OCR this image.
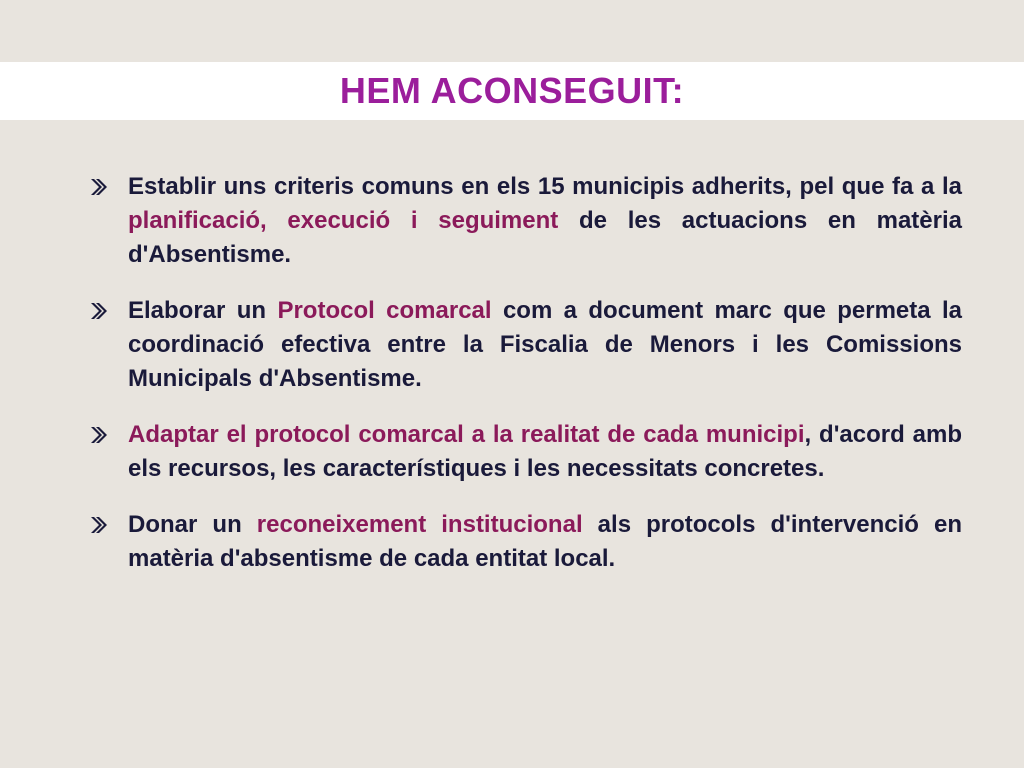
HEM ACONSEGUIT:
Establir uns criteris comuns en els 15 municipis adherits, pel que fa a la planificació, execució i seguiment de les actuacions en matèria d'Absentisme.
Elaborar un Protocol comarcal com a document marc que permeta la coordinació efectiva entre la Fiscalia de Menors i les Comissions Municipals d'Absentisme.
Adaptar el protocol comarcal a la realitat de cada municipi, d'acord amb els recursos, les característiques i les necessitats concretes.
Donar un reconeixement institucional als protocols d'intervenció en matèria d'absentisme de cada entitat local.
